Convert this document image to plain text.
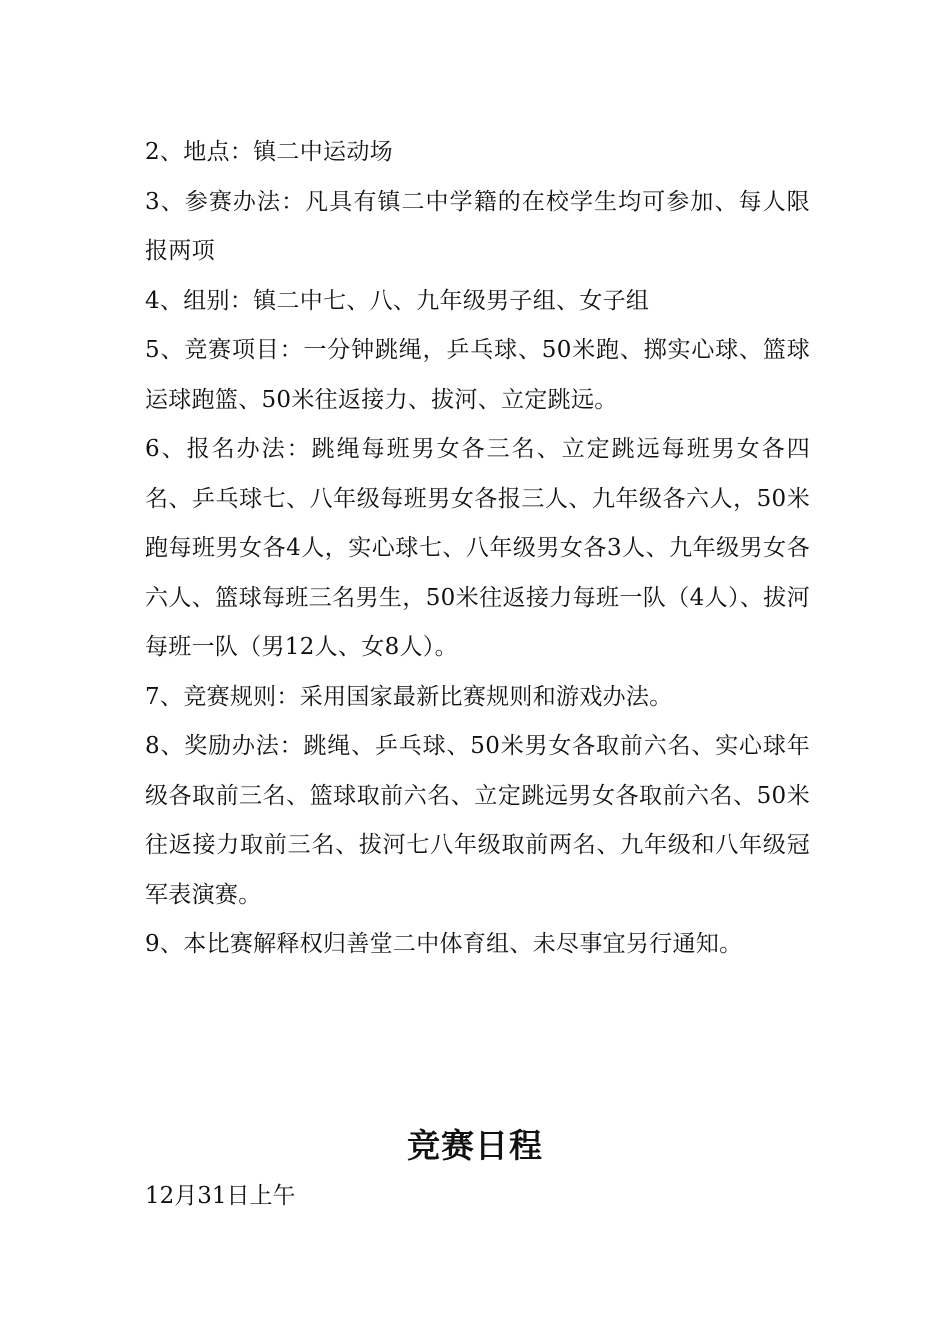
2、地点：镇二中运动场

3、参赛办法：凡具有镇二中学籍的在校学生均可参加、每人限报两项

4、组别：镇二中七、八、九年级男子组、女子组

5、竞赛项目：一分钟跳绳，乒乓球、50米跑、掷实心球、篮球运球跑篮、50米往返接力、拔河、立定跳远。

6、报名办法：跳绳每班男女各三名、立定跳远每班男女各四名、乒乓球七、八年级每班男女各报三人、九年级各六人，50米跑每班男女各4人，实心球七、八年级男女各3人、九年级男女各六人、篮球每班三名男生，50米往返接力每班一队（4人）、拔河每班一队（男12人、女8人）。

7、竞赛规则：采用国家最新比赛规则和游戏办法。

8、奖励办法：跳绳、乒乓球、50米男女各取前六名、实心球年级各取前三名、篮球取前六名、立定跳远男女各取前六名、50米往返接力取前三名、拔河七八年级取前两名、九年级和八年级冠军表演赛。

9、本比赛解释权归善堂二中体育组、未尽事宜另行通知。

竞赛日程

12月31日上午
